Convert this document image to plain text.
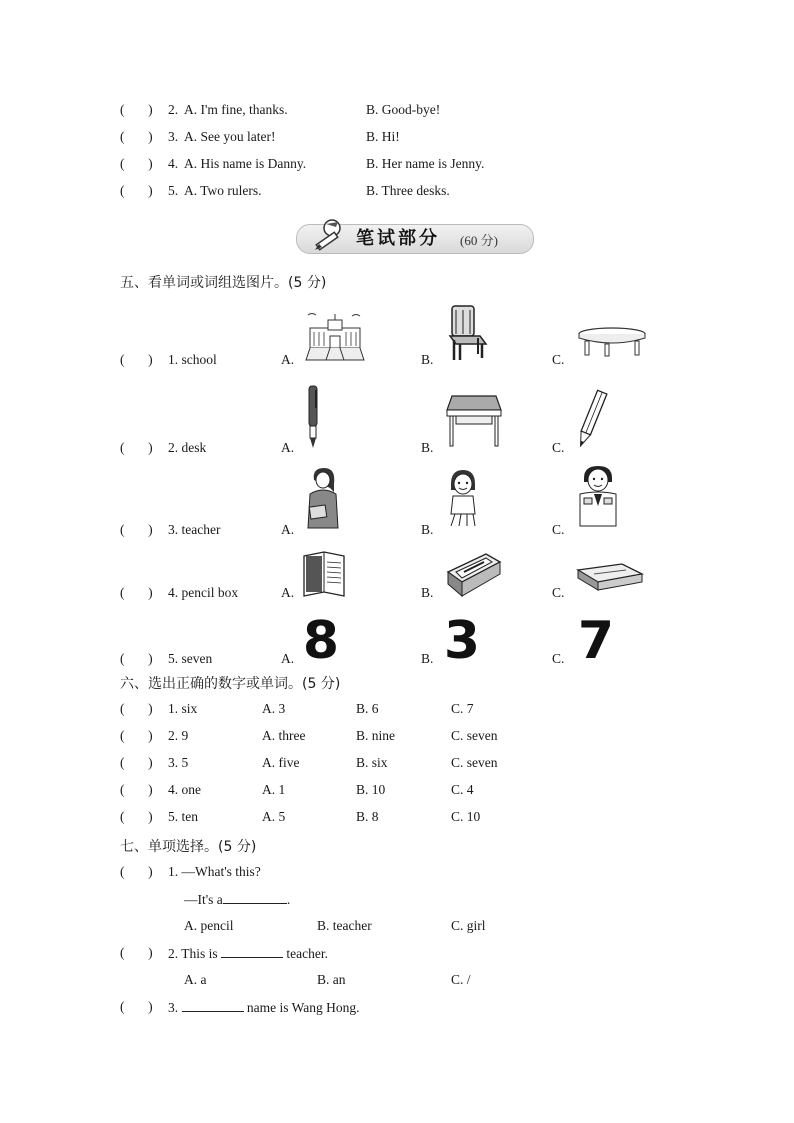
(       ) 2. A. I'm fine, thanks.	B. Good-bye!
(       ) 3. A. See you later!	B. Hi!
(       ) 4. A. His name is Danny.	B. Her name is Jenny.
(       ) 5. A. Two rulers.	B. Three desks.
笔试部分 (60 分)
五、看单词或词组选图片。(5 分)
(       ) 1. school	A.	B.	C.
(       ) 2. desk	A.	B.	C.
(       ) 3. teacher	A.	B.	C.
(       ) 4. pencil box	A.	B.	C.
(       ) 5. seven	A.	B.	C.
8 3 7
六、选出正确的数字或单词。(5 分)
(       ) 1. six	A. 3	B. 6	C. 7
(       ) 2. 9	A. three	B. nine	C. seven
(       ) 3. 5	A. five	B. six	C. seven
(       ) 4. one	A. 1	B. 10	C. 4
(       ) 5. ten	A. 5	B. 8	C. 10
七、单项选择。(5 分)
(       ) 1. —What's this?
—It's a	.
A. pencil	B. teacher	C. girl
(       ) 2. This is	teacher.
A. a	B. an	C. /
(       ) 3.	name is Wang Hong.
